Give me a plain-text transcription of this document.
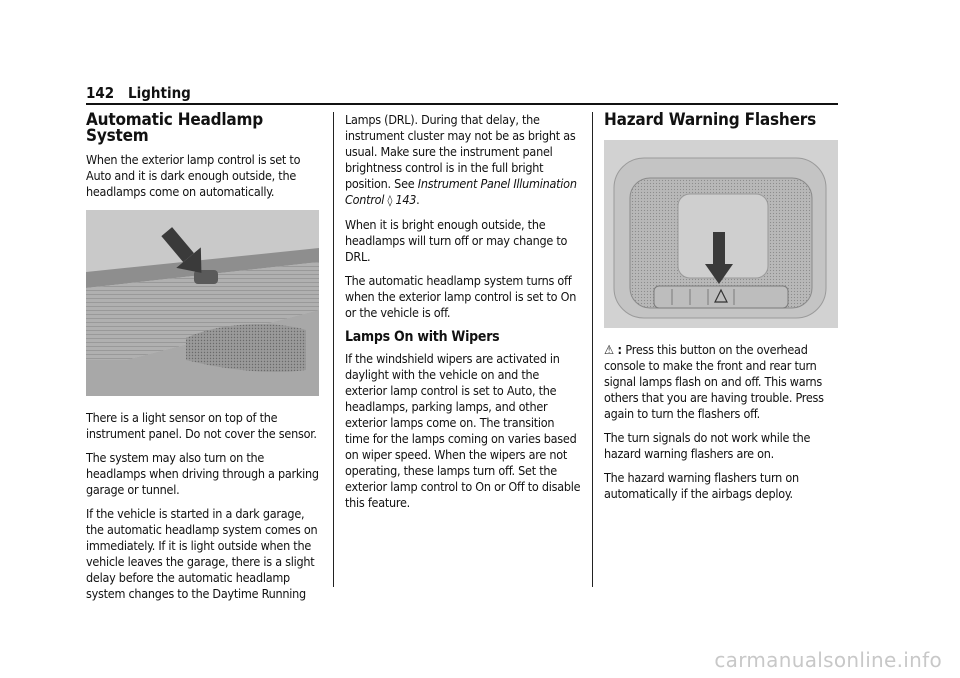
142 Lighting
Automatic Headlamp System

When the exterior lamp control is set to Auto and it is dark enough outside, the headlamps come on automatically.

There is a light sensor on top of the instrument panel. Do not cover the sensor.

The system may also turn on the headlamps when driving through a parking garage or tunnel.

If the vehicle is started in a dark garage, the automatic headlamp system comes on immediately. If it is light outside when the vehicle leaves the garage, there is a slight delay before the automatic headlamp system changes to the Daytime Running

Lamps (DRL). During that delay, the instrument cluster may not be as bright as usual. Make sure the instrument panel brightness control is in the full bright position. See Instrument Panel Illumination Control ◊ 143.

When it is bright enough outside, the headlamps will turn off or may change to DRL.

The automatic headlamp system turns off when the exterior lamp control is set to On or the vehicle is off.

Lamps On with Wipers

If the windshield wipers are activated in daylight with the vehicle on and the exterior lamp control is set to Auto, the headlamps, parking lamps, and other exterior lamps come on. The transition time for the lamps coming on varies based on wiper speed. When the wipers are not operating, these lamps turn off. Set the exterior lamp control to On or Off to disable this feature.

Hazard Warning Flashers

⚠ : Press this button on the overhead console to make the front and rear turn signal lamps flash on and off. This warns others that you are having trouble. Press again to turn the flashers off.

The turn signals do not work while the hazard warning flashers are on.

The hazard warning flashers turn on automatically if the airbags deploy.

carmanualsonline.info
